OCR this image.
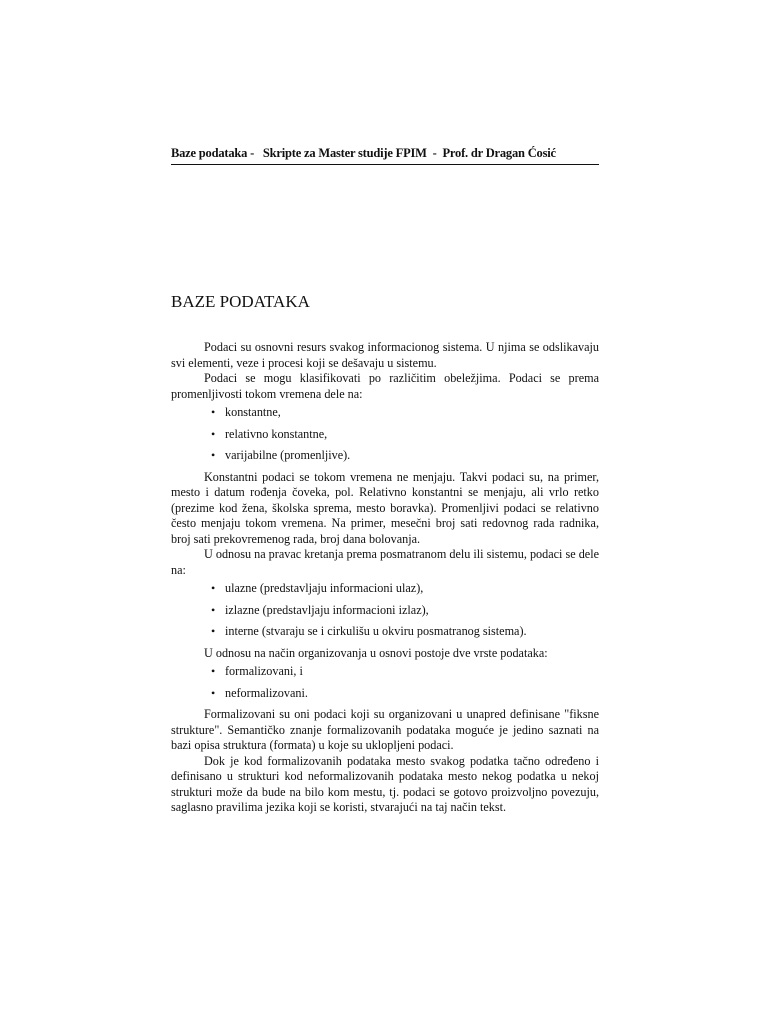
Baze podataka - Skripte za Master studije FPIM - Prof. dr Dragan Ćosić
BAZE PODATAKA

Podaci su osnovni resurs svakog informacionog sistema. U njima se odslikavaju svi elementi, veze i procesi koji se dešavaju u sistemu.

Podaci se mogu klasifikovati po različitim obeležjima. Podaci se prema promenljivosti tokom vremena dele na:

• konstantne,
• relativno konstantne,
• varijabilne (promenljive).

Konstantni podaci se tokom vremena ne menjaju. Takvi podaci su, na primer, mesto i datum rođenja čoveka, pol. Relativno konstantni se menjaju, ali vrlo retko (prezime kod žena, školska sprema, mesto boravka). Promenljivi podaci se relativno često menjaju tokom vremena. Na primer, mesečni broj sati redovnog rada radnika, broj sati prekovremenog rada, broj dana bolovanja.

U odnosu na pravac kretanja prema posmatranom delu ili sistemu, podaci se dele na:

• ulazne (predstavljaju informacioni ulaz),
• izlazne (predstavljaju informacioni izlaz),
• interne (stvaraju se i cirkulišu u okviru posmatranog sistema).

U odnosu na način organizovanja u osnovi postoje dve vrste podataka:

• formalizovani, i
• neformalizovani.

Formalizovani su oni podaci koji su organizovani u unapred definisane "fiksne strukture". Semantičko znanje formalizovanih podataka moguće je jedino saznati na bazi opisa struktura (formata) u koje su uklopljeni podaci.

Dok je kod formalizovanih podataka mesto svakog podatka tačno određeno i definisano u strukturi kod neformalizovanih podataka mesto nekog podatka u nekoj strukturi može da bude na bilo kom mestu, tj. podaci se gotovo proizvoljno povezuju, saglasno pravilima jezika koji se koristi, stvarajući na taj način tekst.
